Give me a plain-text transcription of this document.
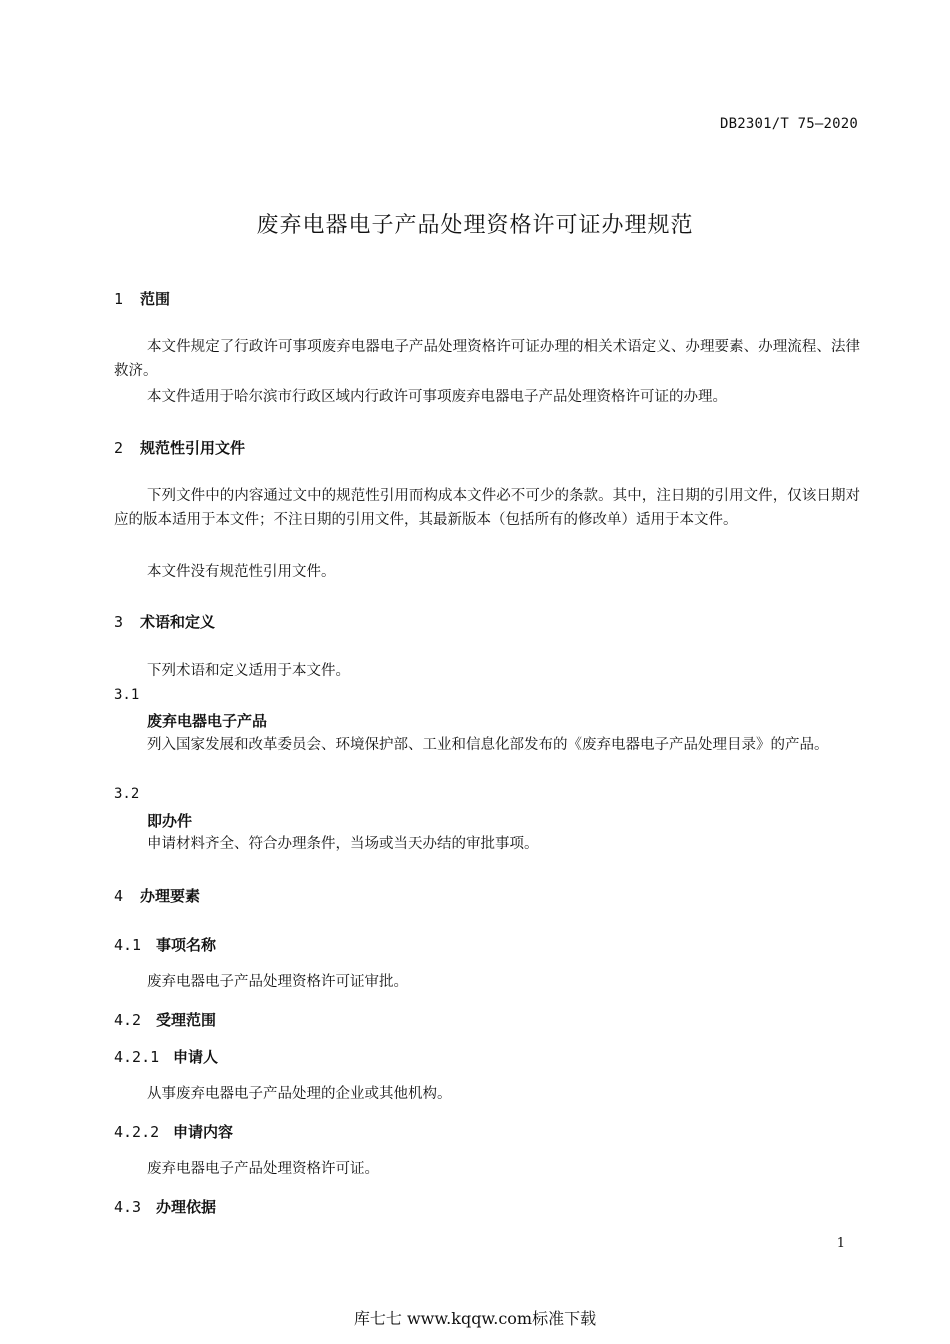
DB2301/T 75—2020
废弃电器电子产品处理资格许可证办理规范
1 范围

本文件规定了行政许可事项废弃电器电子产品处理资格许可证办理的相关术语定义、办理要素、办理流程、法律救济。

本文件适用于哈尔滨市行政区域内行政许可事项废弃电器电子产品处理资格许可证的办理。

2 规范性引用文件

下列文件中的内容通过文中的规范性引用而构成本文件必不可少的条款。其中，注日期的引用文件，仅该日期对应的版本适用于本文件；不注日期的引用文件，其最新版本（包括所有的修改单）适用于本文件。

本文件没有规范性引用文件。

3 术语和定义

下列术语和定义适用于本文件。

3.1
废弃电器电子产品

列入国家发展和改革委员会、环境保护部、工业和信息化部发布的《废弃电器电子产品处理目录》的产品。

3.2
即办件

申请材料齐全、符合办理条件，当场或当天办结的审批事项。

4 办理要素
4.1 事项名称

废弃电器电子产品处理资格许可证审批。

4.2 受理范围
4.2.1 申请人

从事废弃电器电子产品处理的企业或其他机构。

4.2.2 申请内容

废弃电器电子产品处理资格许可证。

4.3 办理依据
1
库七七 www.kqqw.com标准下载
